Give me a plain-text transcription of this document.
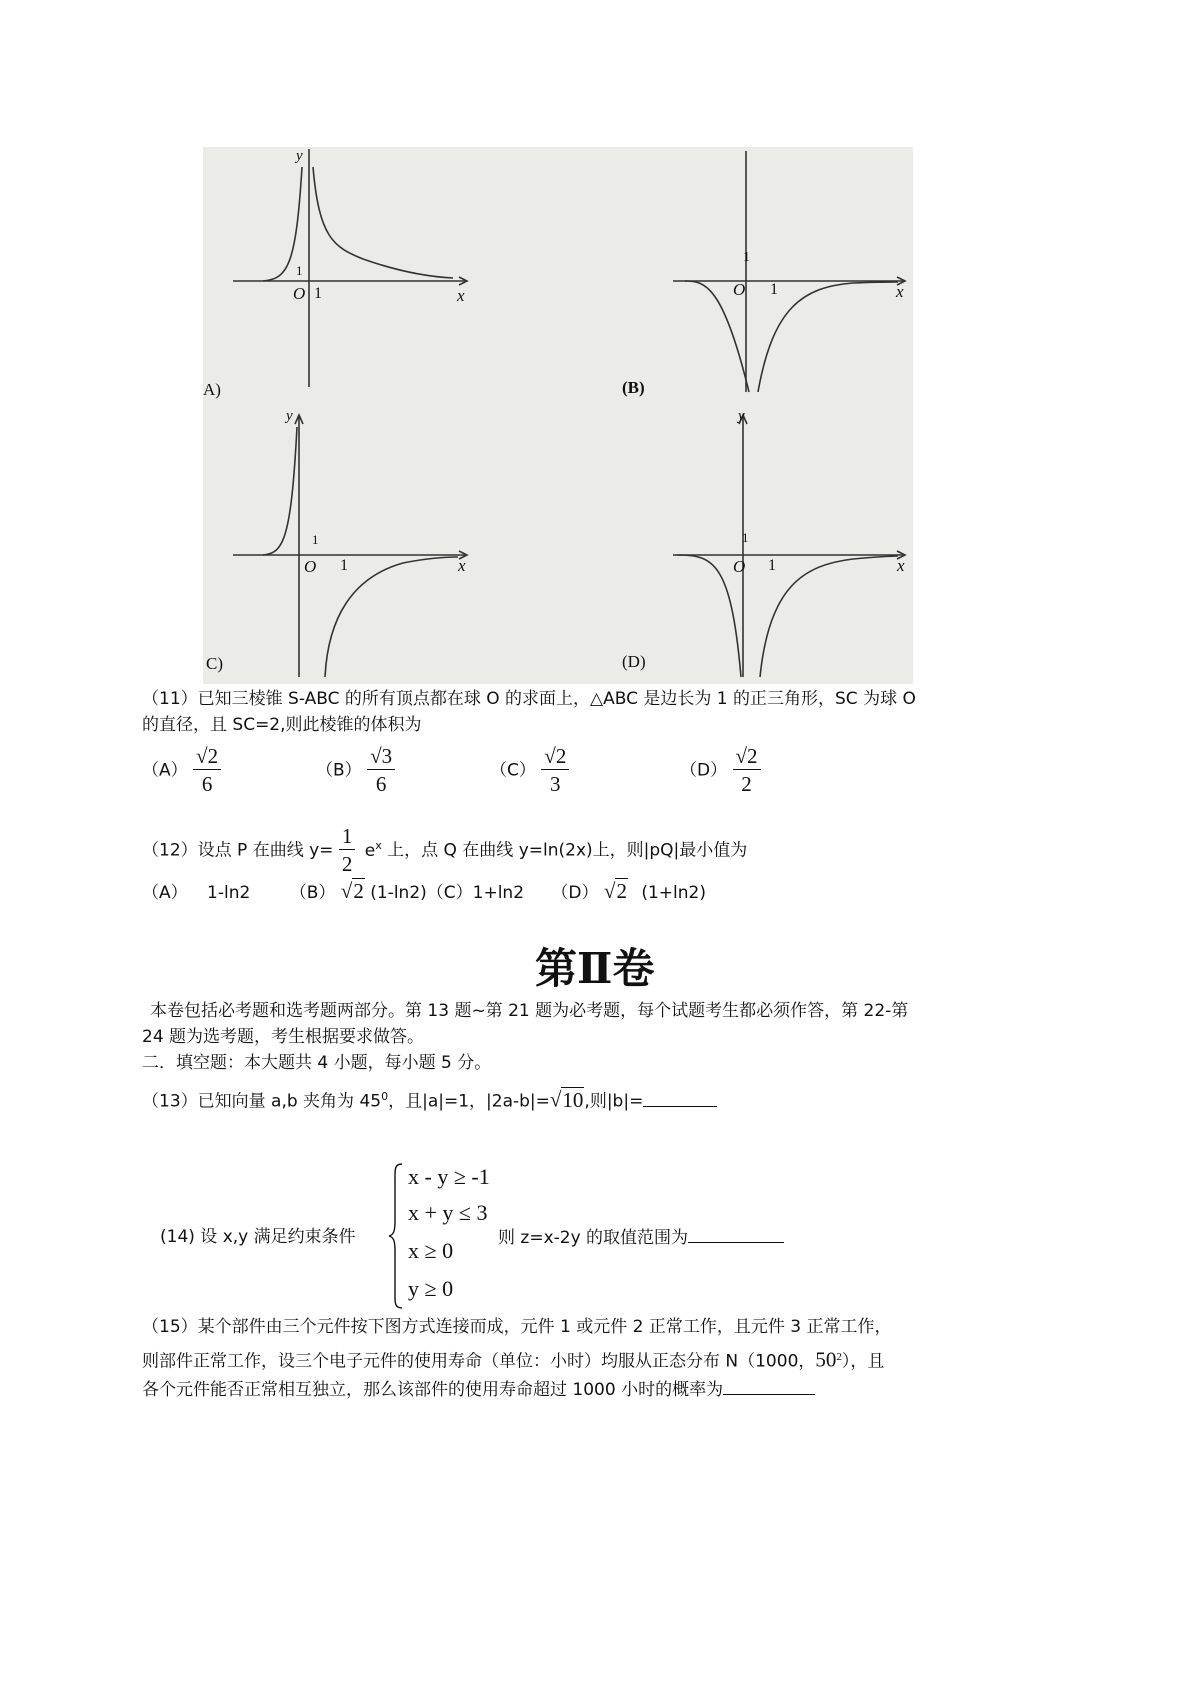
y
x
O 1
1
A)
x
O 1
1
(B)
y
x
O 1
1
C)
y
x
O 1
1
(D)
（11）已知三棱锥 S-ABC 的所有顶点都在球 O 的求面上，△ABC 是边长为 1 的正三角形，SC 为球 O
的直径，且 SC=2,则此棱锥的体积为
$(A) \frac{√2}{6}$	$(B) \frac{√3}{6}$	$(C) \frac{√2}{3}$	$(D) \frac{√2}{2}$
（12）设点 P 在曲线 $y= \frac{1}{2} e^x$ 上，点 Q 在曲线 y=ln(2x)上，则|pQ|最小值为
（A） 1-ln2 （B） √2 (1-ln2)（C）1+ln2 （D） √2 (1+ln2)
第Ⅱ卷
本卷包括必考题和选考题两部分。第 13 题~第 21 题为必考题，每个试题考生都必须作答，第 22-第
24 题为选考题，考生根据要求做答。
二．填空题：本大题共 4 小题，每小题 5 分。
（13）已知向量 a,b 夹角为 $45^0$，且|a|=1，|2a-b|=√10,则|b|=
(14) 设 x,y 满足约束条件
x - y ≥ -1
x + y ≤ 3
x ≥ 0
y ≥ 0
则 z=x-2y 的取值范围为
（15）某个部件由三个元件按下图方式连接而成，元件 1 或元件 2 正常工作，且元件 3 正常工作，
则部件正常工作，设三个电子元件的使用寿命（单位：小时）均服从正态分布 N（1000，$50^2$），且
各个元件能否正常相互独立，那么该部件的使用寿命超过 1000 小时的概率为
